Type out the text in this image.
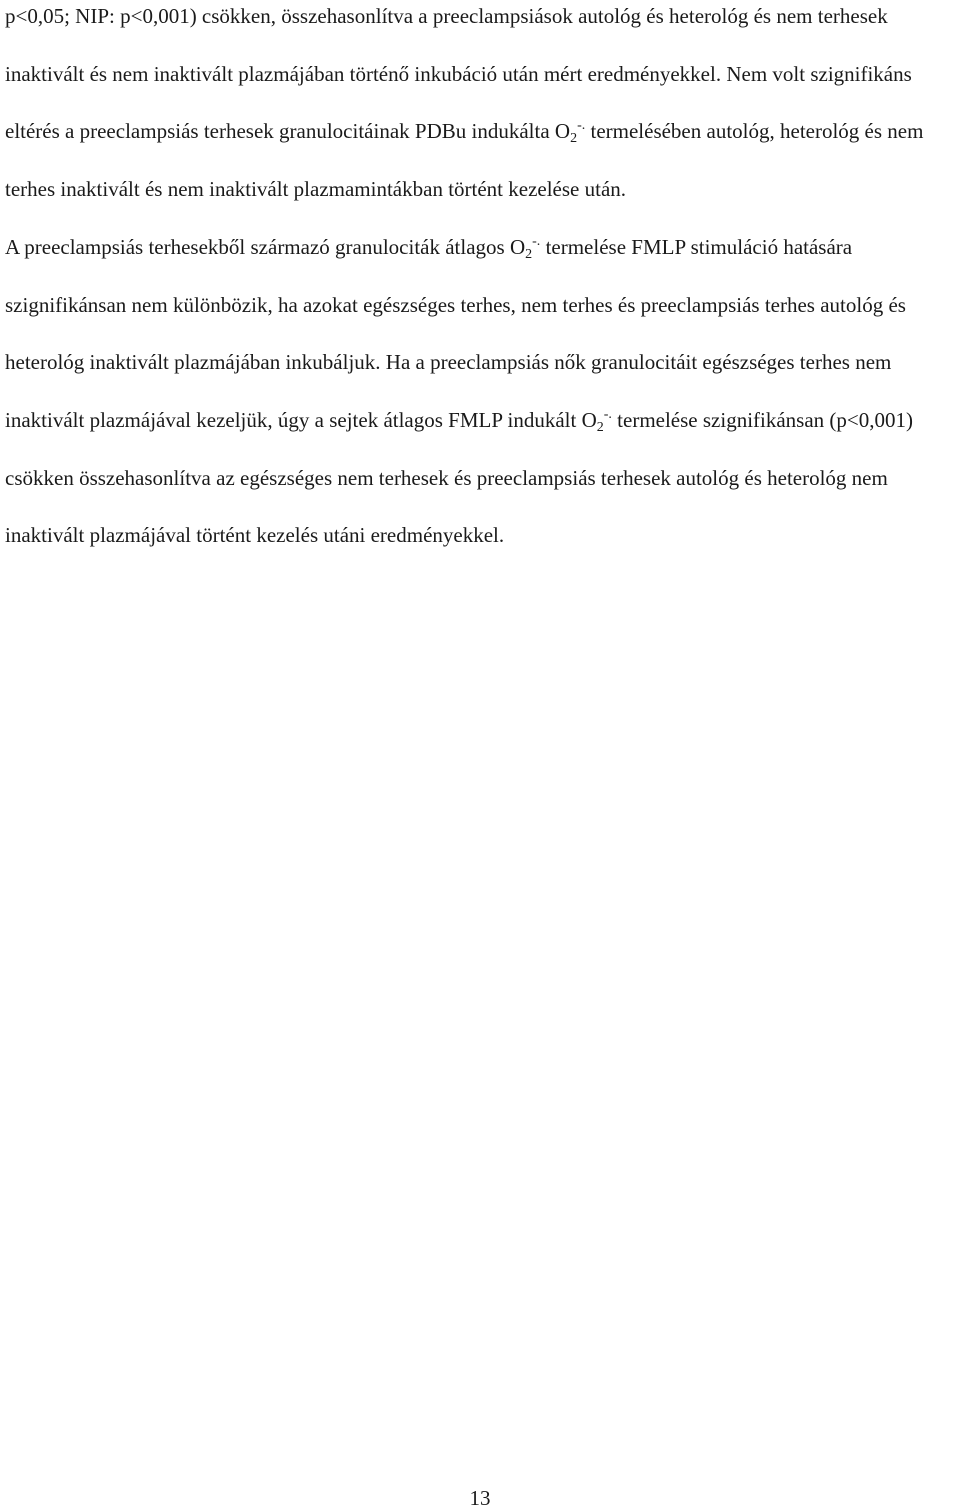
p<0,05; NIP: p<0,001) csökken, összehasonlítva a preeclampsiások autológ és heterológ és nem terhesek inaktivált és nem inaktivált plazmájában történő inkubáció után mért eredményekkel. Nem volt szignifikáns eltérés a preeclampsiás terhesek granulocitáinak PDBu indukálta $O_2^{-.}$ termelésében autológ, heterológ és nem terhes inaktivált és nem inaktivált plazmamintákban történt kezelése után.

A preeclampsiás terhesekből származó granulociták átlagos $O_2^{-.}$ termelése FMLP stimuláció hatására szignifikánsan nem különbözik, ha azokat egészséges terhes, nem terhes és preeclampsiás terhes autológ és heterológ inaktivált plazmájában inkubáljuk. Ha a preeclampsiás nők granulocitáit egészséges terhes nem inaktivált plazmájával kezeljük, úgy a sejtek átlagos FMLP indukált $O_2^{-.}$ termelése szignifikánsan (p<0,001) csökken összehasonlítva az egészséges nem terhesek és preeclampsiás terhesek autológ és heterológ nem inaktivált plazmájával történt kezelés utáni eredményekkel.

13
